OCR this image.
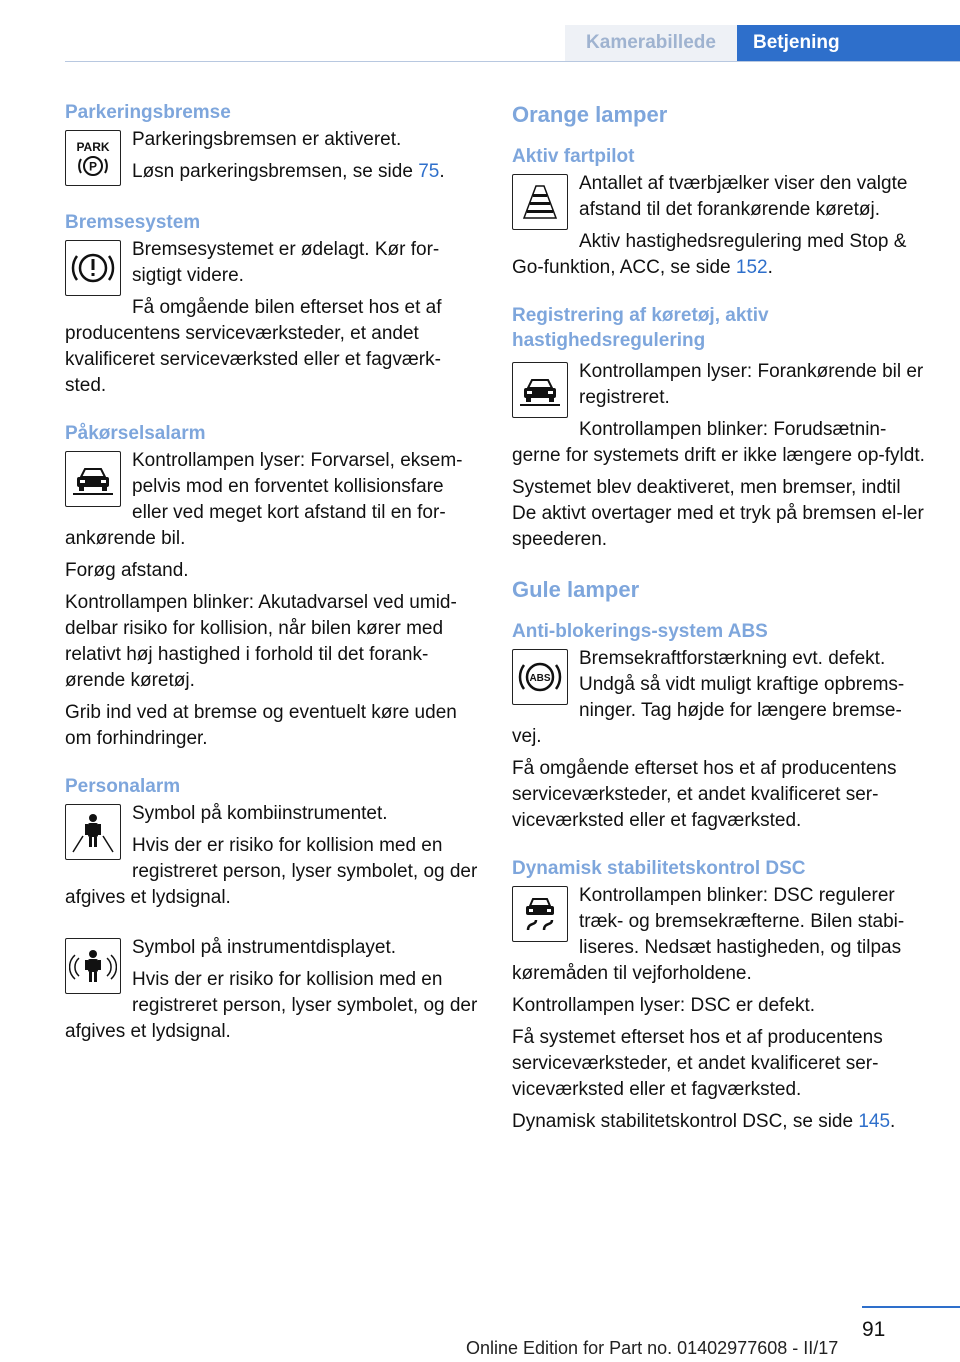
Kamerabillede	Betjening
Parkeringsbremse
PARK
P

Parkeringsbremsen er aktiveret.

Løsn parkeringsbremsen, se side 75.

Bremsesystem

Bremsesystemet er ødelagt. Kør for-sigtigt videre.

Få omgående bilen efterset hos et af producentens serviceværksteder, et andet kvalificeret serviceværksted eller et fagværk-sted.

Påkørselsalarm

Kontrollampen lyser: Forvarsel, eksem-pelvis mod en forventet kollisionsfare eller ved meget kort afstand til en for-ankørende bil.

Forøg afstand.

Kontrollampen blinker: Akutadvarsel ved umid-delbar risiko for kollision, når bilen kører med relativt høj hastighed i forhold til det forank-ørende køretøj.

Grib ind ved at bremse og eventuelt køre uden om forhindringer.

Personalarm

Symbol på kombiinstrumentet.

Hvis der er risiko for kollision med en registreret person, lyser symbolet, og der afgives et lydsignal.

Symbol på instrumentdisplayet.

Hvis der er risiko for kollision med en registreret person, lyser symbolet, og der afgives et lydsignal.

Orange lamper
Aktiv fartpilot

Antallet af tværbjælker viser den valgte afstand til det forankørende køretøj.

Aktiv hastighedsregulering med Stop & Go-funktion, ACC, se side 152.

Registrering af køretøj, aktiv hastighedsregulering

Kontrollampen lyser: Forankørende bil er registreret.

Kontrollampen blinker: Forudsætnin-gerne for systemets drift er ikke længere op-fyldt.

Systemet blev deaktiveret, men bremser, indtil De aktivt overtager med et tryk på bremsen el-ler speederen.

Gule lamper
Anti-blokerings-system ABS
ABS

Bremsekraftforstærkning evt. defekt. Undgå så vidt muligt kraftige opbrems-ninger. Tag højde for længere bremse-vej.

Få omgående efterset hos et af producentens serviceværksteder, et andet kvalificeret ser-viceværksted eller et fagværksted.

Dynamisk stabilitetskontrol DSC

Kontrollampen blinker: DSC regulerer træk- og bremsekræfterne. Bilen stabi-liseres. Nedsæt hastigheden, og tilpas køremåden til vejforholdene.

Kontrollampen lyser: DSC er defekt.

Få systemet efterset hos et af producentens serviceværksteder, et andet kvalificeret ser-viceværksted eller et fagværksted.

Dynamisk stabilitetskontrol DSC, se side 145.

91
Online Edition for Part no. 01402977608 - II/17
